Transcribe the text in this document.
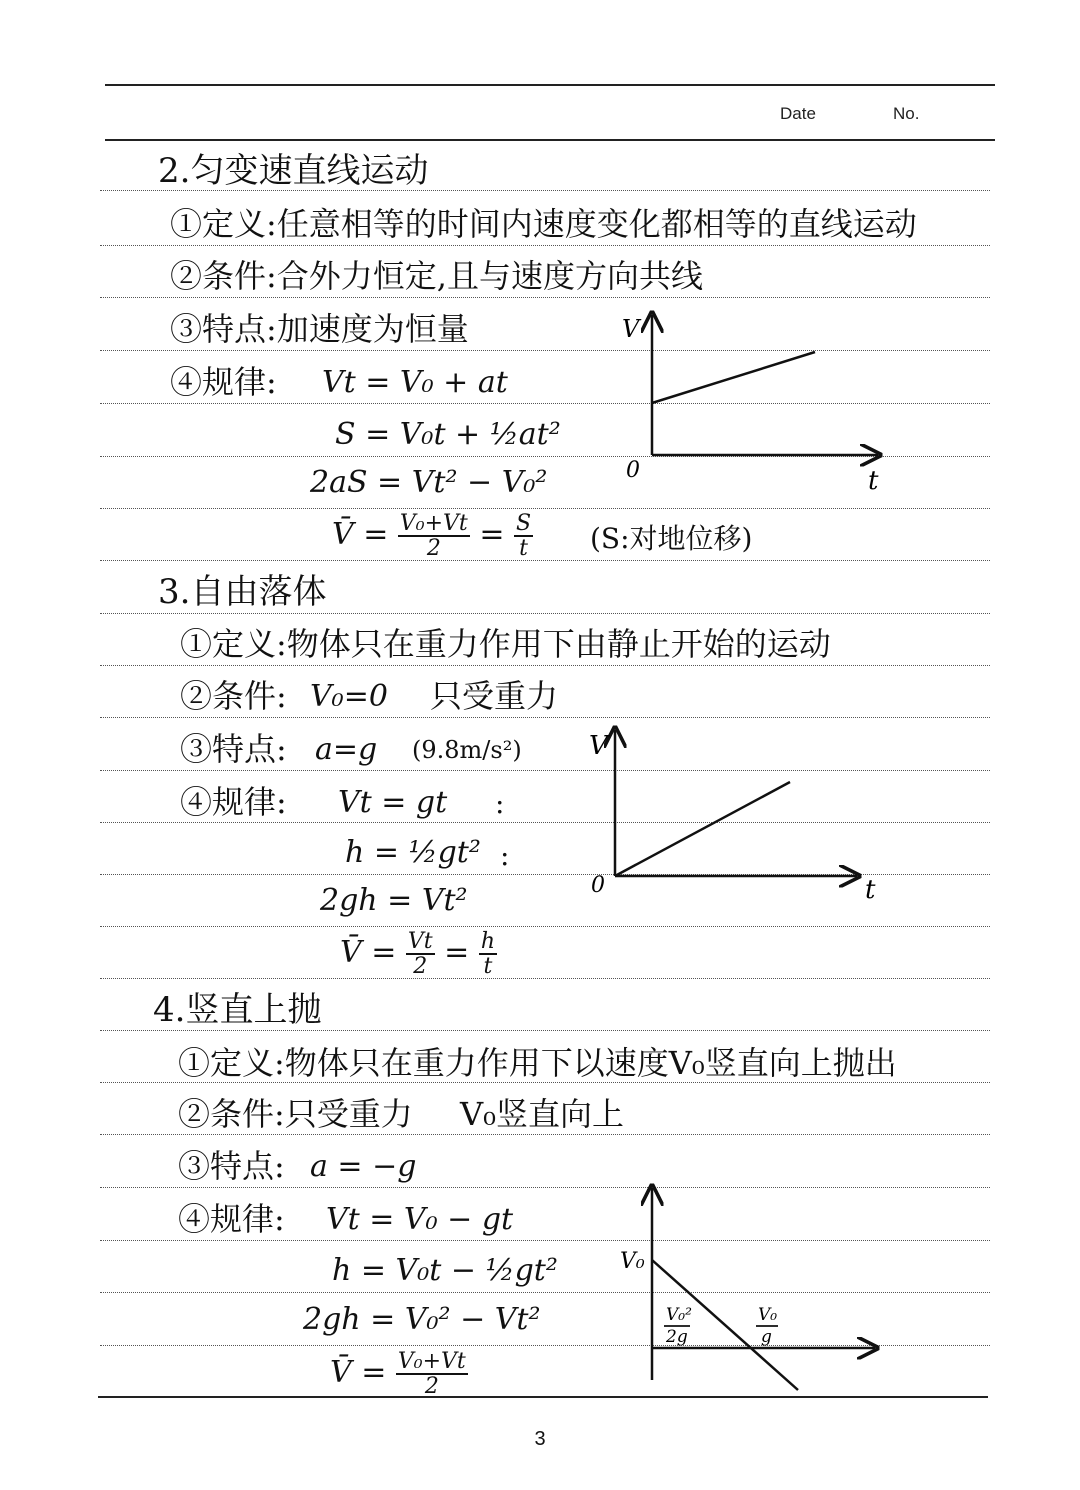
Date	No.
2.匀变速直线运动
①定义:任意相等的时间内速度变化都相等的直线运动
②条件:合外力恒定,且与速度方向共线
③特点:加速度为恒量
④规律: Vt = V₀ + at
S = V₀t + ½at²
2aS = Vt² − V₀²
V̄ = $\frac{\text{V₀+Vt}}{2} = \frac{S}{t} (S$:对地位移)
V
t
0
3.自由落体
①定义:物体只在重力作用下由静止开始的运动
②条件: V₀=0 只受重力
③特点: a=g (9.8m/s²)
④规律: Vt = gt :
h = ½gt² :
2gh = Vt²
V̄ = $\frac{Vt}{2} = \frac{h}{t}$
V
t
0
4.竖直上抛
①定义:物体只在重力作用下以速度V₀竖直向上抛出
②条件:只受重力 V₀竖直向上
③特点: a = −g
④规律: Vt = V₀ − gt
h = V₀t − ½gt²
2gh = V₀² − Vt²
V̄ = $\frac{\text{V₀+Vt}}{2}$
V₀
V₀²
2g
V₀
g
3
